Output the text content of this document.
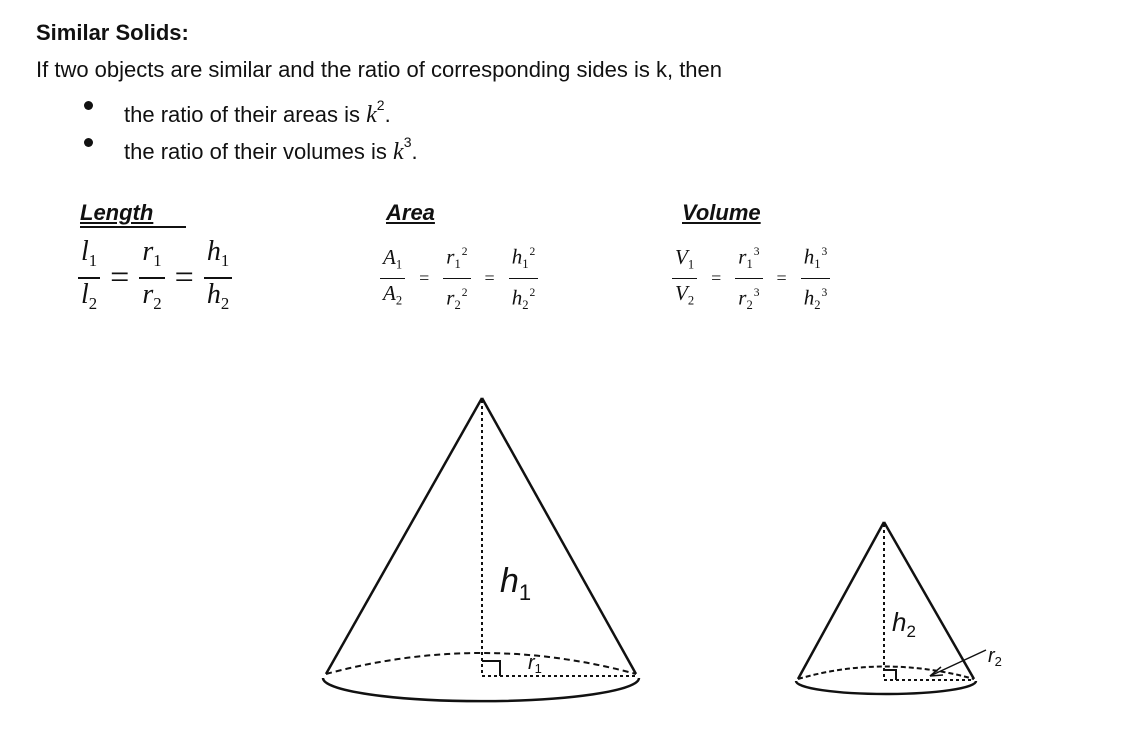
Similar Solids:
If two objects are similar and the ratio of corresponding sides is k, then
the ratio of their areas is $k^2$.
the ratio of their volumes is $k^3$.
Length	Area	Volume
$\frac{l_1}{l_2} = \frac{r_1}{r_2} = \frac{h_1}{h_2}$	$\frac{A_1}{A_2} = \frac{r_1^2}{r_2^2} = \frac{h_1^2}{h_2^2}$	$\frac{V_1}{V_2} = \frac{r_1^3}{r_2^3} = \frac{h_1^3}{h_2^3}$
$h_1$
$r_1$
$h_2$
$r_2$
